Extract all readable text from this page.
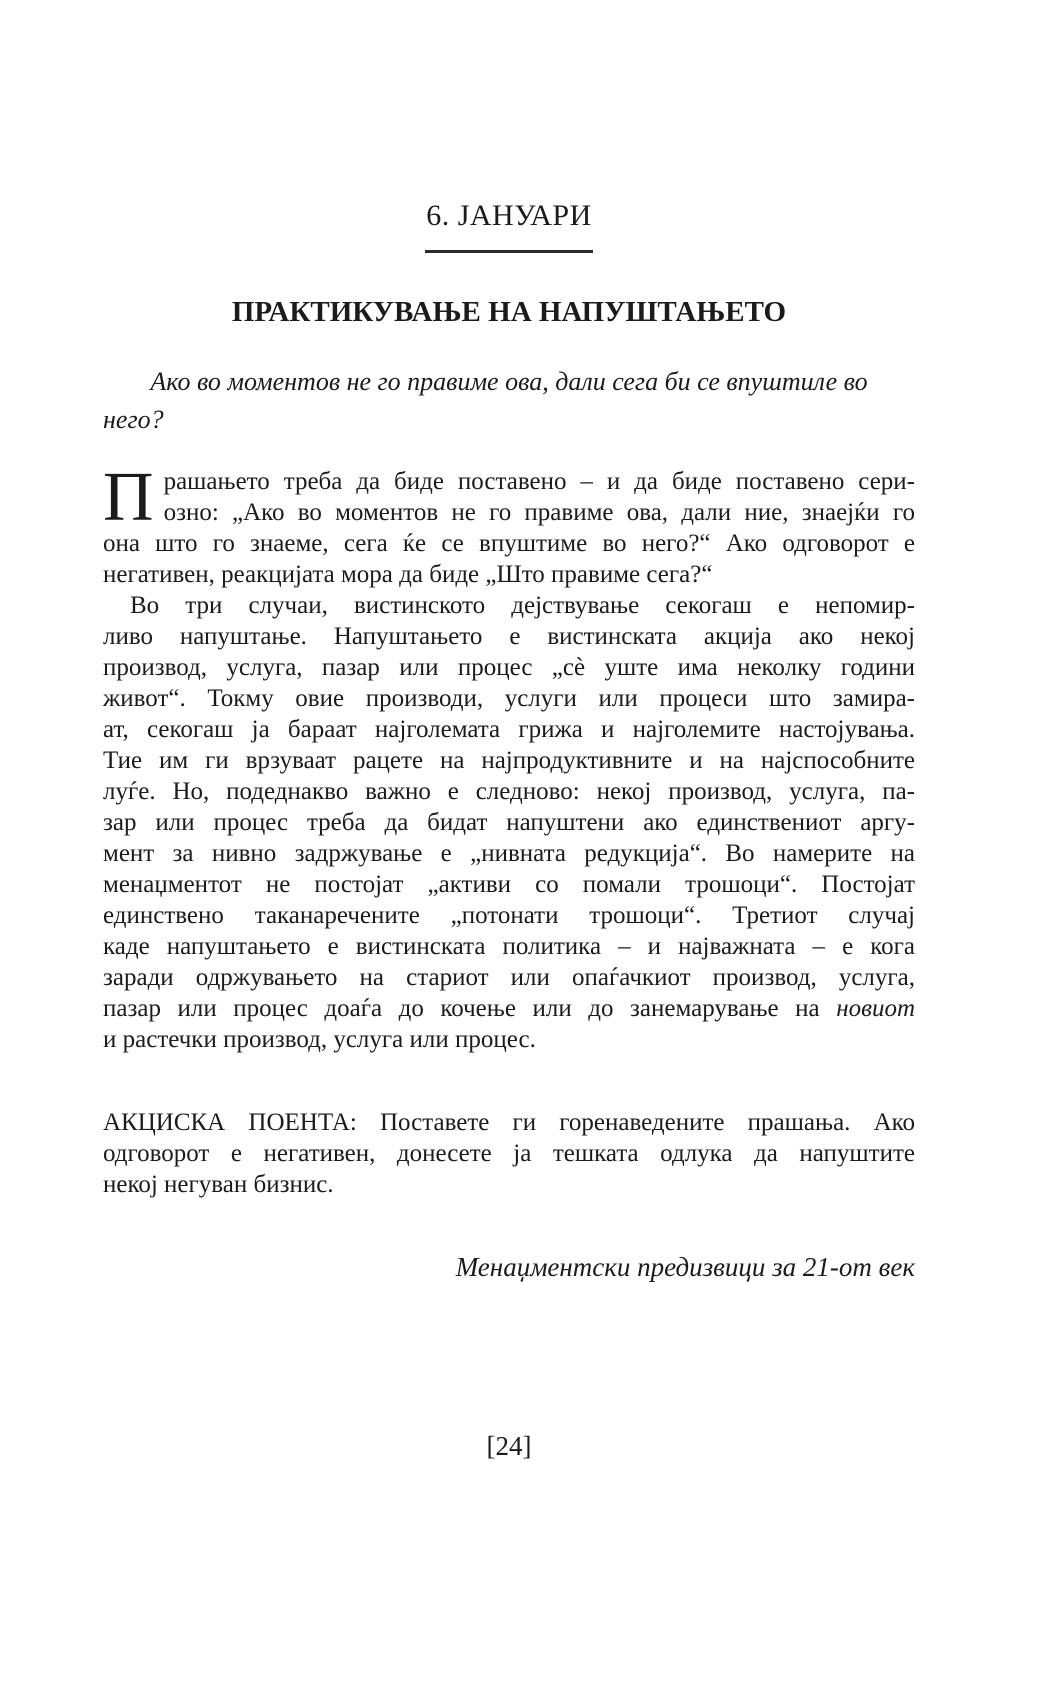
6. ЈАНУАРИ
ПРАКТИКУВАЊЕ НА НАПУШТАЊЕТО
Ако во моментов не го правиме ова, дали сега би се впуштиле во
него?
П рашањето треба да биде поставено – и да биде поставено сери-
озно: „Ако во моментов не го правиме ова, дали ние, знаејќи го
она што го знаеме, сега ќе се впуштиме во него?“ Ако одговорот е
негативен, реакцијата мора да биде „Што правиме сега?“
Во три случаи, вистинското дејствување секогаш е непомир-
ливо напуштање. Напуштањето е вистинската акција ако некој
производ, услуга, пазар или процес „сѐ уште има неколку години
живот“. Токму овие производи, услуги или процеси што замира-
ат, секогаш ја бараат најголемата грижа и најголемите настојувања.
Тие им ги врзуваат рацете на најпродуктивните и на најспособните
луѓе. Но, подеднакво важно е следново: некој производ, услуга, па-
зар или процес треба да бидат напуштени ако единствениот аргу-
мент за нивно задржување е „нивната редукција“. Во намерите на
менаџментот не постојат „активи со помали трошоци“. Постојат
единствено таканаречените „потонати трошоци“. Третиот случај
каде напуштањето е вистинската политика – и најважната – е кога
заради одржувањето на стариот или опаѓачкиот производ, услуга,
пазар или процес доаѓа до кочење или до занемарување на новиот
и растечки производ, услуга или процес.
АКЦИСКА ПОЕНТА: Поставете ги горенаведените прашања. Ако
одговорот е негативен, донесете ја тешката одлука да напуштите
некој негуван бизнис.
Менаџментски предизвици за 21-от век
[24]
